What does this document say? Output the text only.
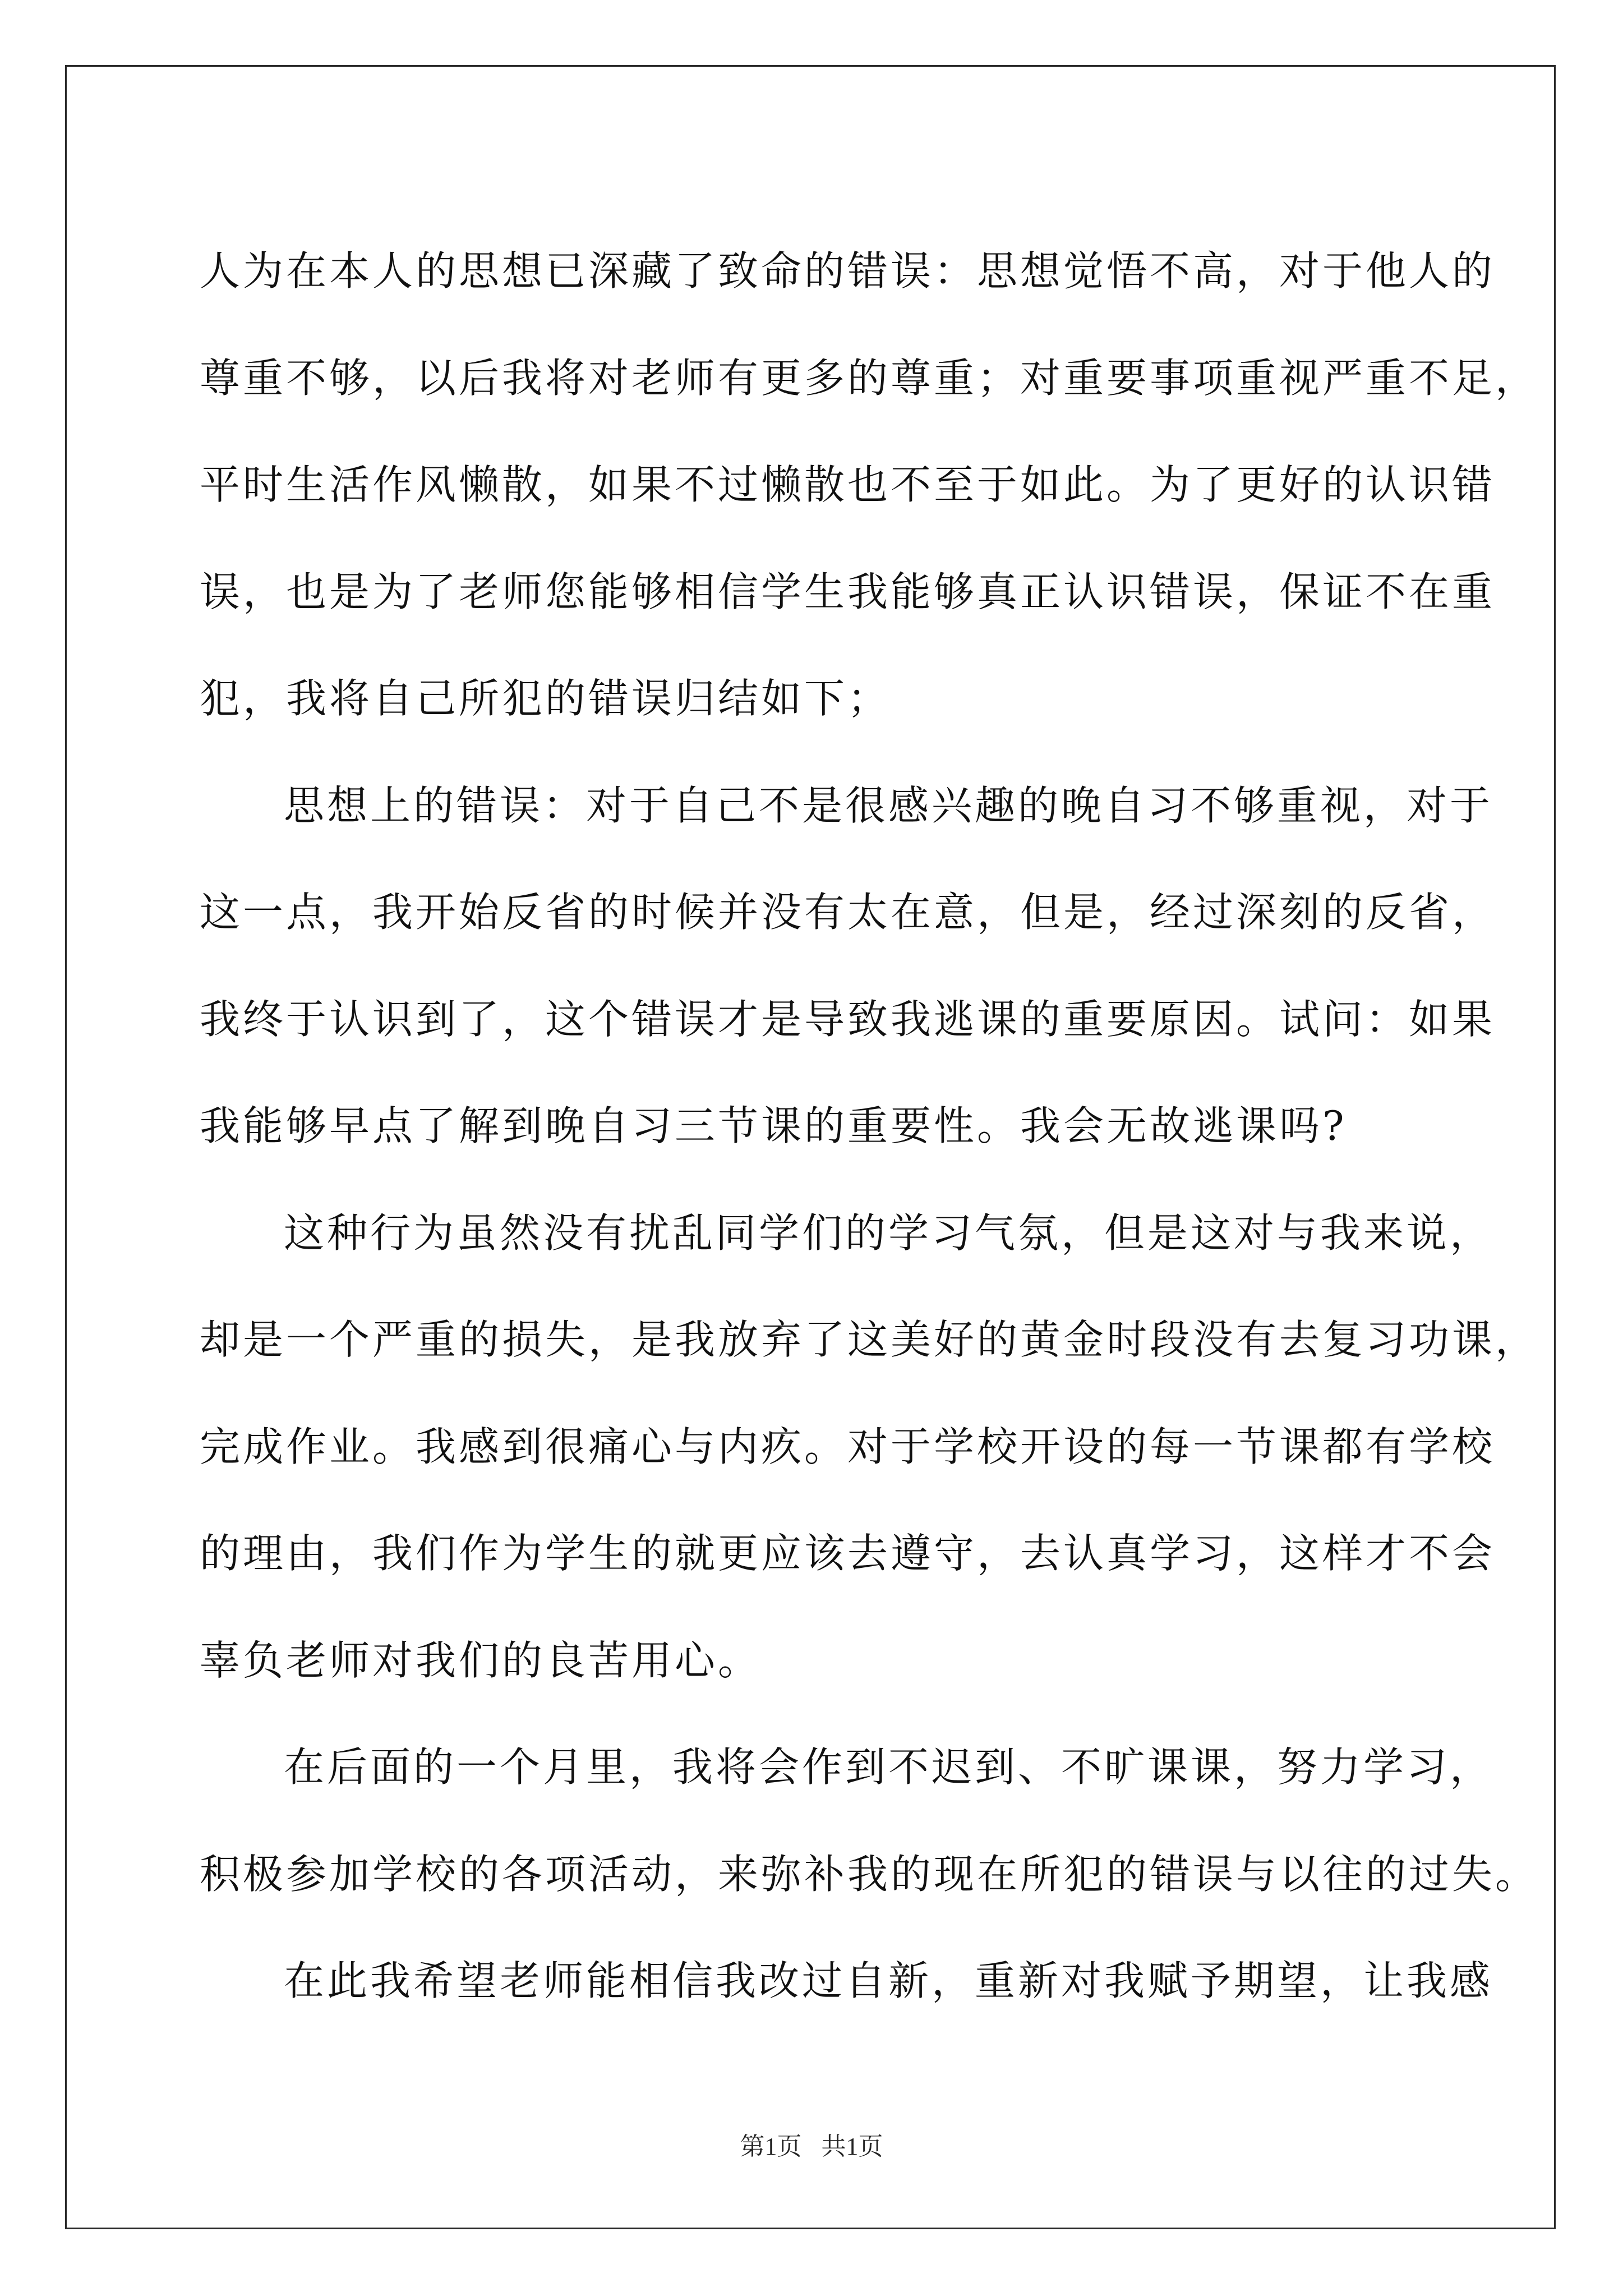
人为在本人的思想已深藏了致命的错误：思想觉悟不高，对于他人的
尊重不够，以后我将对老师有更多的尊重；对重要事项重视严重不足，
平时生活作风懒散，如果不过懒散也不至于如此。为了更好的认识错
误，也是为了老师您能够相信学生我能够真正认识错误，保证不在重
犯，我将自己所犯的错误归结如下；
思想上的错误：对于自己不是很感兴趣的晚自习不够重视，对于
这一点，我开始反省的时候并没有太在意，但是，经过深刻的反省，
我终于认识到了，这个错误才是导致我逃课的重要原因。试问：如果
我能够早点了解到晚自习三节课的重要性。我会无故逃课吗?
这种行为虽然没有扰乱同学们的学习气氛，但是这对与我来说，
却是一个严重的损失，是我放弃了这美好的黄金时段没有去复习功课，
完成作业。我感到很痛心与内疚。对于学校开设的每一节课都有学校
的理由，我们作为学生的就更应该去遵守，去认真学习，这样才不会
辜负老师对我们的良苦用心。
在后面的一个月里，我将会作到不迟到、不旷课课，努力学习，
积极参加学校的各项活动，来弥补我的现在所犯的错误与以往的过失。
在此我希望老师能相信我改过自新，重新对我赋予期望，让我感
第1页 共1页
